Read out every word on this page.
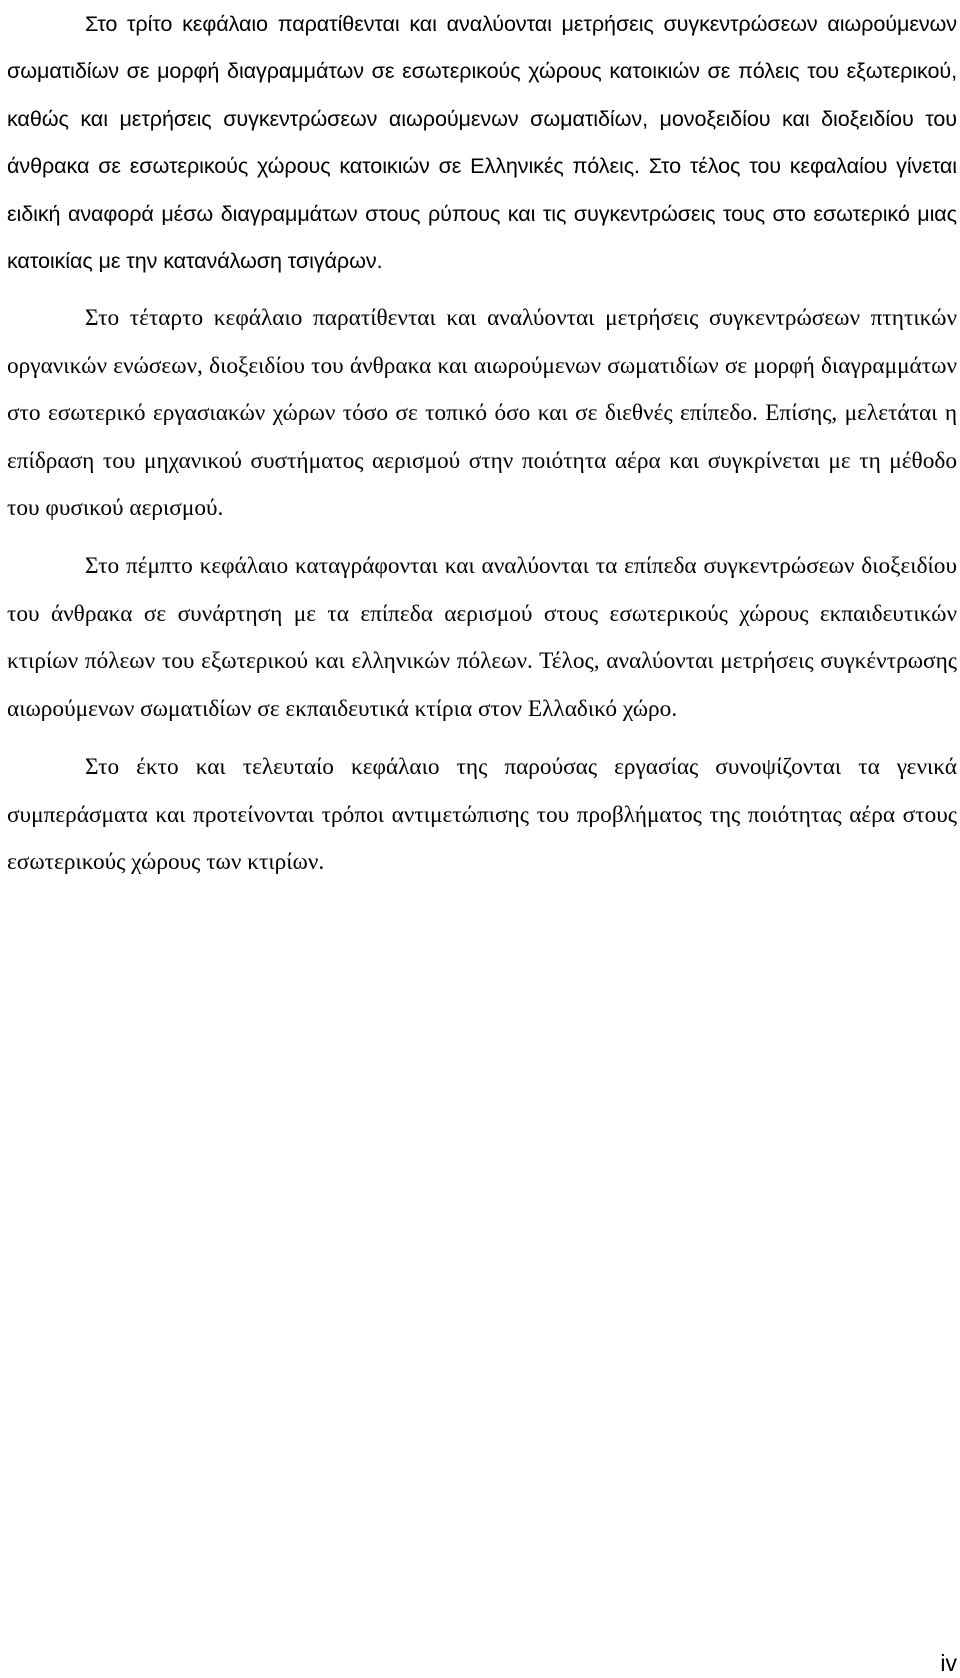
Στο τρίτο κεφάλαιο παρατίθενται και αναλύονται μετρήσεις συγκεντρώσεων αιωρούμενων σωματιδίων σε μορφή διαγραμμάτων σε εσωτερικούς χώρους κατοικιών σε πόλεις του εξωτερικού, καθώς και μετρήσεις συγκεντρώσεων αιωρούμενων σωματιδίων, μονοξειδίου και διοξειδίου του άνθρακα σε εσωτερικούς χώρους κατοικιών σε Ελληνικές πόλεις. Στο τέλος του κεφαλαίου γίνεται ειδική αναφορά μέσω διαγραμμάτων στους ρύπους και τις συγκεντρώσεις τους στο εσωτερικό μιας κατοικίας με την κατανάλωση τσιγάρων.

Στο τέταρτο κεφάλαιο παρατίθενται και αναλύονται μετρήσεις συγκεντρώσεων πτητικών οργανικών ενώσεων, διοξειδίου του άνθρακα και αιωρούμενων σωματιδίων σε μορφή διαγραμμάτων στο εσωτερικό εργασιακών χώρων τόσο σε τοπικό όσο και σε διεθνές επίπεδο. Επίσης, μελετάται η επίδραση του μηχανικού συστήματος αερισμού στην ποιότητα αέρα και συγκρίνεται με τη μέθοδο του φυσικού αερισμού.

Στο πέμπτο κεφάλαιο καταγράφονται και αναλύονται τα επίπεδα συγκεντρώσεων διοξειδίου του άνθρακα σε συνάρτηση με τα επίπεδα αερισμού στους εσωτερικούς χώρους εκπαιδευτικών κτιρίων πόλεων του εξωτερικού και ελληνικών πόλεων. Τέλος, αναλύονται μετρήσεις συγκέντρωσης αιωρούμενων σωματιδίων σε εκπαιδευτικά κτίρια στον Ελλαδικό χώρο.

Στο έκτο και τελευταίο κεφάλαιο της παρούσας εργασίας συνοψίζονται τα γενικά συμπεράσματα και προτείνονται τρόποι αντιμετώπισης του προβλήματος της ποιότητας αέρα στους εσωτερικούς χώρους των κτιρίων.

iv
